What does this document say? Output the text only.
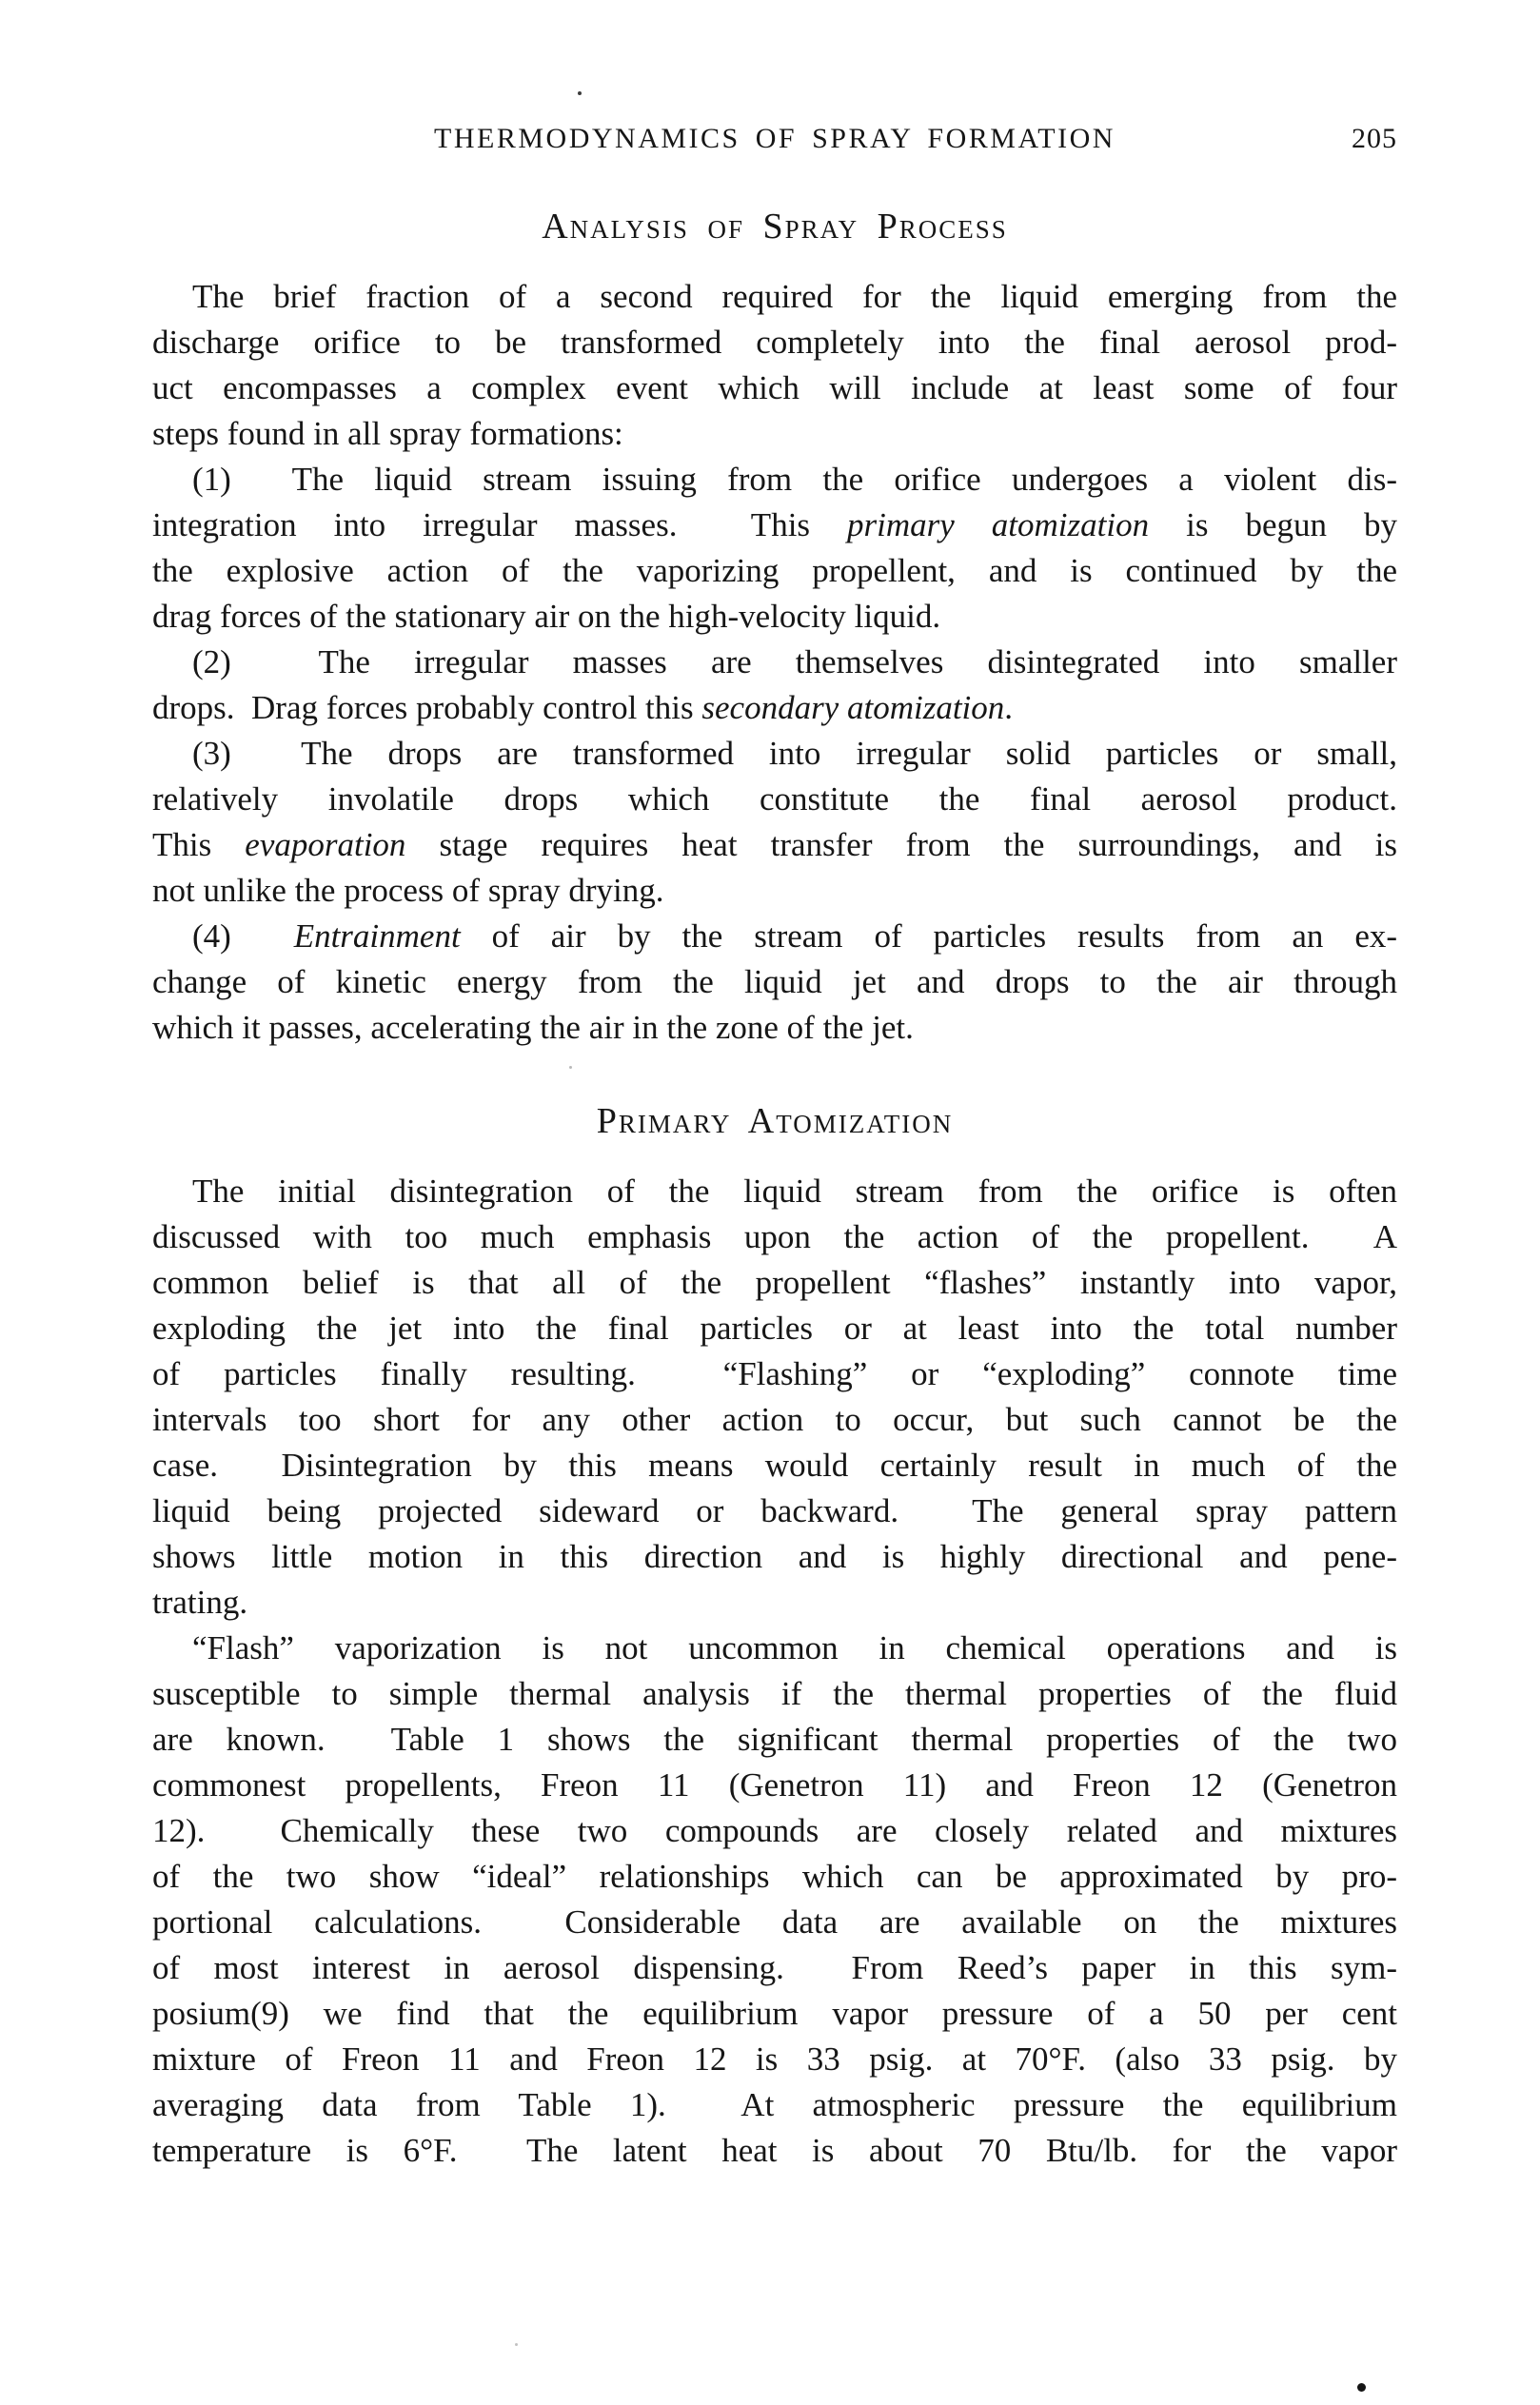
THERMODYNAMICS OF SPRAY FORMATION	205
Analysis of Spray Process
The brief fraction of a second required for the liquid emerging from the
discharge orifice to be transformed completely into the final aerosol prod-
uct encompasses a complex event which will include at least some of four
steps found in all spray formations:
(1)  The liquid stream issuing from the orifice undergoes a violent dis-
integration into irregular masses.  This primary atomization is begun by
the explosive action of the vaporizing propellent, and is continued by the
drag forces of the stationary air on the high-velocity liquid.
(2)  The irregular masses are themselves disintegrated into smaller
drops.  Drag forces probably control this secondary atomization.
(3)  The drops are transformed into irregular solid particles or small,
relatively involatile drops which constitute the final aerosol product.
This evaporation stage requires heat transfer from the surroundings, and is
not unlike the process of spray drying.
(4)  Entrainment of air by the stream of particles results from an ex-
change of kinetic energy from the liquid jet and drops to the air through
which it passes, accelerating the air in the zone of the jet.
Primary Atomization
The initial disintegration of the liquid stream from the orifice is often
discussed with too much emphasis upon the action of the propellent.  A
common belief is that all of the propellent “flashes” instantly into vapor,
exploding the jet into the final particles or at least into the total number
of particles finally resulting.  “Flashing” or “exploding” connote time
intervals too short for any other action to occur, but such cannot be the
case.  Disintegration by this means would certainly result in much of the
liquid being projected sideward or backward.  The general spray pattern
shows little motion in this direction and is highly directional and pene-
trating.
“Flash” vaporization is not uncommon in chemical operations and is
susceptible to simple thermal analysis if the thermal properties of the fluid
are known.  Table 1 shows the significant thermal properties of the two
commonest propellents, Freon 11 (Genetron 11) and Freon 12 (Genetron
12).  Chemically these two compounds are closely related and mixtures
of the two show “ideal” relationships which can be approximated by pro-
portional calculations.  Considerable data are available on the mixtures
of most interest in aerosol dispensing.  From Reed’s paper in this sym-
posium(9) we find that the equilibrium vapor pressure of a 50 per cent
mixture of Freon 11 and Freon 12 is 33 psig. at 70°F. (also 33 psig. by
averaging data from Table 1).  At atmospheric pressure the equilibrium
temperature is 6°F.  The latent heat is about 70 Btu/lb. for the vapor
